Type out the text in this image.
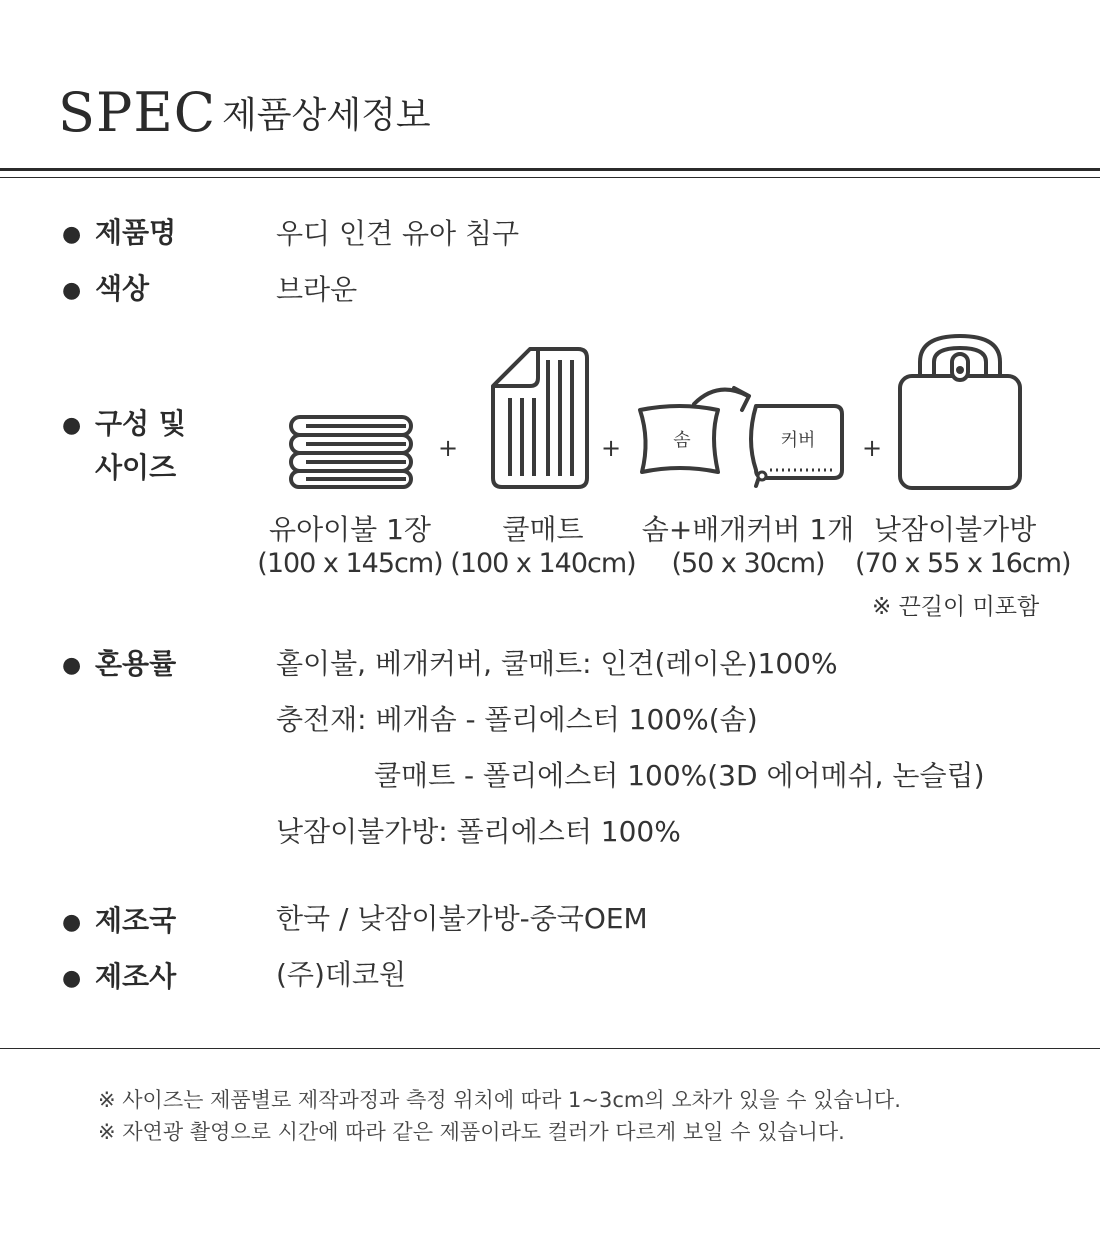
SPEC 제품상세정보
● 제품명	우디 인견 유아 침구
● 색상	브라운
● 구성 및
사이즈
+	+	솜	커버 +
유아이불 1장
(100 x 145cm)
쿨매트
(100 x 140cm)
솜+배개커버 1개
(50 x 30cm)
낮잠이불가방
(70 x 55 x 16cm)
※ 끈길이 미포함
● 혼용률	홑이불, 베개커버, 쿨매트: 인견(레이온)100%
충전재: 베개솜 - 폴리에스터 100%(솜)
쿨매트 - 폴리에스터 100%(3D 에어메쉬, 논슬립)
낮잠이불가방: 폴리에스터 100%
● 제조국	한국 / 낮잠이불가방-중국OEM
● 제조사	(주)데코원
※ 사이즈는 제품별로 제작과정과 측정 위치에 따라 1~3cm의 오차가 있을 수 있습니다.
※ 자연광 촬영으로 시간에 따라 같은 제품이라도 컬러가 다르게 보일 수 있습니다.
